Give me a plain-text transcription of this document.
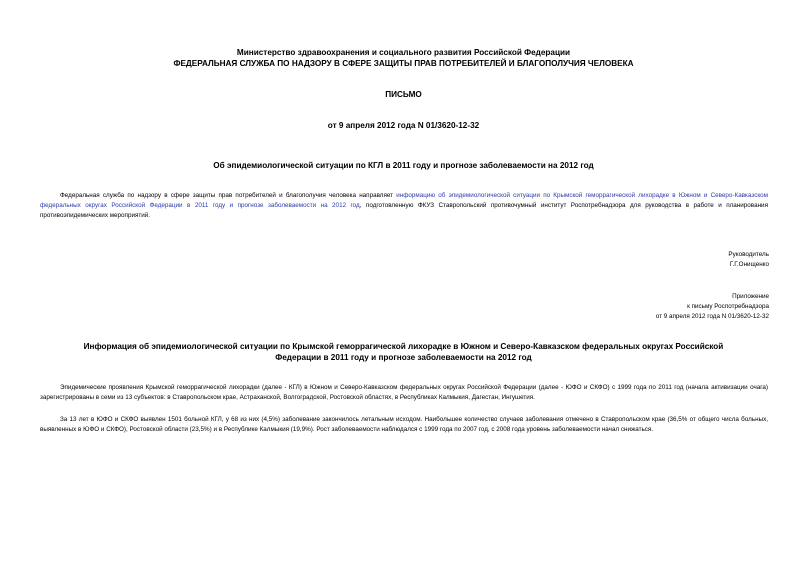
Министерство здравоохранения и социального развития Российской Федерации
ФЕДЕРАЛЬНАЯ СЛУЖБА ПО НАДЗОРУ В СФЕРЕ ЗАЩИТЫ ПРАВ ПОТРЕБИТЕЛЕЙ И БЛАГОПОЛУЧИЯ ЧЕЛОВЕКА
ПИСЬМО
от 9 апреля 2012 года N 01/3620-12-32
Об эпидемиологической ситуации по КГЛ в 2011 году и прогнозе заболеваемости на 2012 год
Федеральная служба по надзору в сфере защиты прав потребителей и благополучия человека направляет информацию об эпидемиологической ситуации по Крымской геморрагической лихорадке в Южном и Северо-Кавказском федеральных округах Российской Федерации в 2011 году и прогнозе заболеваемости на 2012 год, подготовленную ФКУЗ Ставропольский противочумный институт Роспотребнадзора для руководства в работе и планирования противоэпидемических мероприятий.
Руководитель
Г.Г.Онищенко
Приложение
к письму Роспотребнадзора
от 9 апреля 2012 года N 01/3620-12-32
Информация об эпидемиологической ситуации по Крымской геморрагической лихорадке в Южном и Северо-Кавказском федеральных округах Российской
Федерации в 2011 году и прогнозе заболеваемости на 2012 год
Эпидемические проявления Крымской геморрагической лихорадки (далее - КГЛ) в Южном и Северо-Кавказском федеральных округах Российской Федерации (далее - ЮФО и СКФО) с 1999 года по 2011 год (начала активизации очага) зарегистрированы в семи из 13 субъектов: в Ставропольском крае, Астраханской, Волгоградской, Ростовской областях, в Республиках Калмыкия, Дагестан, Ингушетия.
За 13 лет в ЮФО и СКФО выявлен 1501 больной КГЛ, у 68 из них (4,5%) заболевание закончилось летальным исходом. Наибольшее количество случаев заболевания отмечено в Ставропольском крае (36,5% от общего числа больных, выявленных в ЮФО и СКФО), Ростовской области (23,5%) и в Республике Калмыкия (19,9%). Рост заболеваемости наблюдался с 1999 года по 2007 год, с 2008 года уровень заболеваемости начал снижаться.
